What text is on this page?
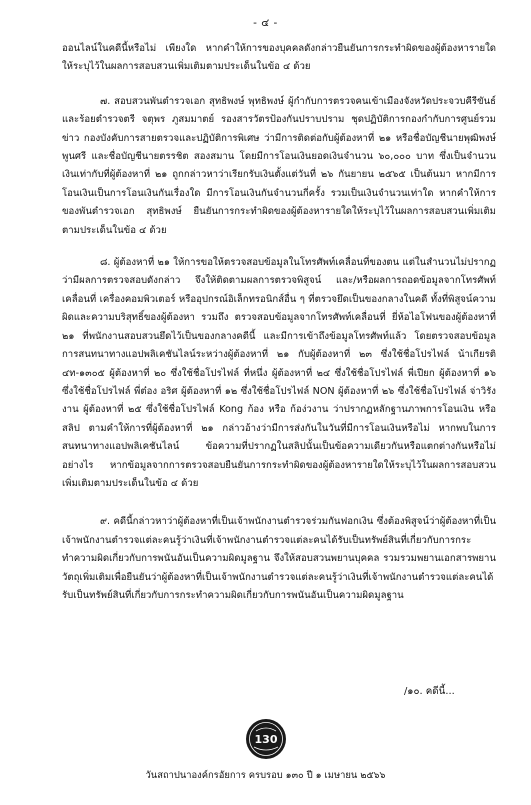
- ๔ -

ออนไลน์ในคดีนี้หรือไม่ เพียงใด หากคำให้การของบุคคลดังกล่าวยืนยันการกระทำผิดของผู้ต้องหารายใด ให้ระบุไว้ในผลการสอบสวนเพิ่มเติมตามประเด็นในข้อ ๔ ด้วย

๗. สอบสวนพันตำรวจเอก สุทธิพงษ์ พุทธิพงษ์ ผู้กำกับการตรวจคนเข้าเมืองจังหวัดประจวบคีรีขันธ์ และร้อยตำรวจตรี จตุพร ภูสมมาตย์ รองสารวัตรป้องกันปราบปราม ชุดปฏิบัติการกองกำกับการศูนย์รวมข่าว กองบังคับการสายตรวจและปฏิบัติการพิเศษ ว่ามีการติดต่อกับผู้ต้องหาที่ ๒๑ หรือชื่อบัญชีนายพุฒิพงษ์ พูนศรี และชื่อบัญชีนายตรรชิต สองสมาน โดยมีการโอนเงินยอดเงินจำนวน ๖๐,๐๐๐ บาท ซึ่งเป็นจำนวนเงินเท่ากับที่ผู้ต้องหาที่ ๒๑ ถูกกล่าวหาว่าเรียกรับเงินตั้งแต่วันที่ ๒๖ กันยายน ๒๕๖๕ เป็นต้นมา หากมีการโอนเงินเป็นการโอนเงินกันเรื่องใด มีการโอนเงินกันจำนวนกี่ครั้ง รวมเป็นเงินจำนวนเท่าใด หากคำให้การของพันตำรวจเอก สุทธิพงษ์ ยืนยันการกระทำผิดของผู้ต้องหารายใดให้ระบุไว้ในผลการสอบสวนเพิ่มเติมตามประเด็นในข้อ ๔ ด้วย

๘. ผู้ต้องหาที่ ๒๑ ให้การขอให้ตรวจสอบข้อมูลในโทรศัพท์เคลื่อนที่ของตน แต่ในสำนวนไม่ปรากฏว่ามีผลการตรวจสอบดังกล่าว จึงให้ติดตามผลการตรวจพิสูจน์ และ/หรือผลการถอดข้อมูลจากโทรศัพท์เคลื่อนที่ เครื่องคอมพิวเตอร์ หรืออุปกรณ์อิเล็กทรอนิกส์อื่น ๆ ที่ตรวจยึดเป็นของกลางในคดี ทั้งที่พิสูจน์ความผิดและความบริสุทธิ์ของผู้ต้องหา รวมถึง ตรวจสอบข้อมูลจากโทรศัพท์เคลื่อนที่ ยี่ห้อไอโฟนของผู้ต้องหาที่ ๒๑ ที่พนักงานสอบสวนยึดไว้เป็นของกลางคดีนี้ และมีการเข้าถึงข้อมูลโทรศัพท์แล้ว โดยตรวจสอบข้อมูลการสนทนาทางแอปพลิเคชันไลน์ระหว่างผู้ต้องหาที่ ๒๑ กับผู้ต้องหาที่ ๒๓ ซึ่งใช้ชื่อโปรไฟล์ น้าเกียรติ ๔ท-๑๓๐๕ ผู้ต้องหาที่ ๒๐ ซึ่งใช้ชื่อโปรไฟล์ ที่หนึ่ง ผู้ต้องหาที่ ๒๔ ซึ่งใช้ชื่อโปรไฟล์ พี่เปียก ผู้ต้องหาที่ ๑๖ ซึ่งใช้ชื่อโปรไฟล์ พี่ต๋อง อริศ ผู้ต้องหาที่ ๑๒ ซึ่งใช้ชื่อโปรไฟล์ NON ผู้ต้องหาที่ ๒๖ ซึ่งใช้ชื่อโปรไฟล์ จ่าวิรังงาน ผู้ต้องหาที่ ๒๕ ซึ่งใช้ชื่อโปรไฟล์ Kong ก้อง หรือ ก้อง่วงาน ว่าปรากฏหลักฐานภาพการโอนเงิน หรือสลิป ตามคำให้การที่ผู้ต้องหาที่ ๒๑ กล่าวอ้างว่ามีการส่งกันในวันที่มีการโอนเงินหรือไม่ หากพบในการสนทนาทางแอปพลิเคชันไลน์ ข้อความที่ปรากฏในสลิปนั้นเป็นข้อความเดียวกันหรือแตกต่างกันหรือไม่ อย่างไร หากข้อมูลจากการตรวจสอบยืนยันการกระทำผิดของผู้ต้องหารายใดให้ระบุไว้ในผลการสอบสวนเพิ่มเติมตามประเด็นในข้อ ๔ ด้วย

๙. คดีนี้กล่าวหาว่าผู้ต้องหาที่เป็นเจ้าพนักงานตำรวจร่วมกันฟอกเงิน ซึ่งต้องพิสูจน์ว่าผู้ต้องหาที่เป็นเจ้าพนักงานตำรวจแต่ละคนรู้ว่าเงินที่เจ้าพนักงานตำรวจแต่ละคนได้รับเป็นทรัพย์สินที่เกี่ยวกับการกระทำความผิดเกี่ยวกับการพนันอันเป็นความผิดมูลฐาน จึงให้สอบสวนพยานบุคคล รวมรวมพยานเอกสารพยานวัตถุเพิ่มเติมเพื่อยืนยันว่าผู้ต้องหาที่เป็นเจ้าพนักงานตำรวจแต่ละคนรู้ว่าเงินที่เจ้าพนักงานตำรวจแต่ละคนได้รับเป็นทรัพย์สินที่เกี่ยวกับการกระทำความผิดเกี่ยวกับการพนันอันเป็นความผิดมูลฐาน

/๑๐. คดีนี้...
130
วันสถาปนาองค์กรอัยการ ครบรอบ ๑๓๐ ปี ๑ เมษายน ๒๕๖๖
